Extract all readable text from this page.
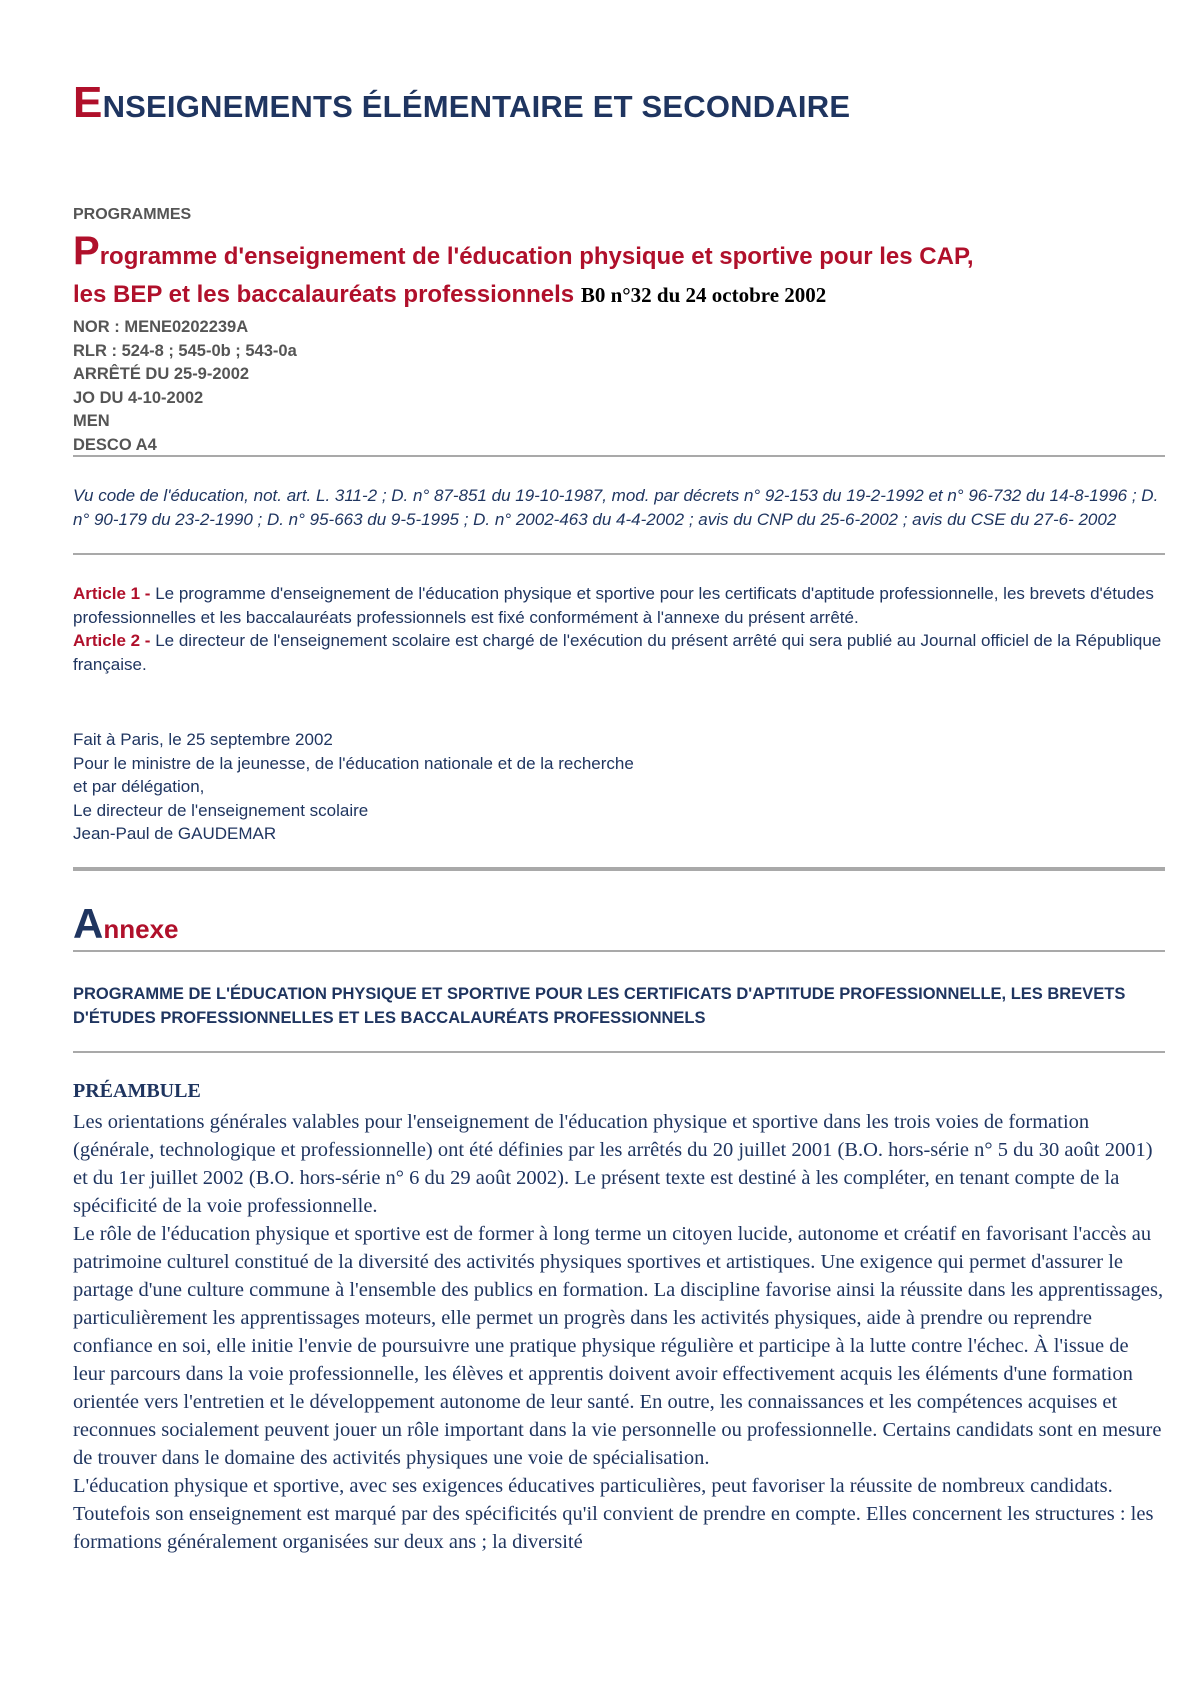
ENSEIGNEMENTS ÉLÉMENTAIRE ET SECONDAIRE
PROGRAMMES
Programme d'enseignement de l'éducation physique et sportive pour les CAP,
les BEP et les baccalauréats professionnels B0 n°32 du 24 octobre 2002
NOR : MENE0202239A
RLR : 524-8 ; 545-0b ; 543-0a
ARRÊTÉ DU 25-9-2002
JO DU 4-10-2002
MEN
DESCO A4
Vu code de l'éducation, not. art. L. 311-2 ; D. n° 87-851 du 19-10-1987, mod. par décrets n° 92-153 du 19-2-1992 et n° 96-732 du 14-8-1996 ; D. n° 90-179 du 23-2-1990 ; D. n° 95-663 du 9-5-1995 ; D. n° 2002-463 du 4-4-2002 ; avis du CNP du 25-6-2002 ; avis du CSE du 27-6- 2002
Article 1 - Le programme d'enseignement de l'éducation physique et sportive pour les certificats d'aptitude professionnelle, les brevets d'études professionnelles et les baccalauréats professionnels est fixé conformément à l'annexe du présent arrêté.
Article 2 - Le directeur de l'enseignement scolaire est chargé de l'exécution du présent arrêté qui sera publié au Journal officiel de la République française.
Fait à Paris, le 25 septembre 2002
Pour le ministre de la jeunesse, de l'éducation nationale et de la recherche
et par délégation,
Le directeur de l'enseignement scolaire
Jean-Paul de GAUDEMAR
Annexe
PROGRAMME DE L'ÉDUCATION PHYSIQUE ET SPORTIVE POUR LES CERTIFICATS D'APTITUDE PROFESSIONNELLE, LES BREVETS D'ÉTUDES PROFESSIONNELLES ET LES BACCALAURÉATS PROFESSIONNELS
PRÉAMBULE

Les orientations générales valables pour l'enseignement de l'éducation physique et sportive dans les trois voies de formation (générale, technologique et professionnelle) ont été définies par les arrêtés du 20 juillet 2001 (B.O. hors-série n° 5 du 30 août 2001) et du 1er juillet 2002 (B.O. hors-série n° 6 du 29 août 2002). Le présent texte est destiné à les compléter, en tenant compte de la spécificité de la voie professionnelle.

Le rôle de l'éducation physique et sportive est de former à long terme un citoyen lucide, autonome et créatif en favorisant l'accès au patrimoine culturel constitué de la diversité des activités physiques sportives et artistiques. Une exigence qui permet d'assurer le partage d'une culture commune à l'ensemble des publics en formation. La discipline favorise ainsi la réussite dans les apprentissages, particulièrement les apprentissages moteurs, elle permet un progrès dans les activités physiques, aide à prendre ou reprendre confiance en soi, elle initie l'envie de poursuivre une pratique physique régulière et participe à la lutte contre l'échec. À l'issue de leur parcours dans la voie professionnelle, les élèves et apprentis doivent avoir effectivement acquis les éléments d'une formation orientée vers l'entretien et le développement autonome de leur santé. En outre, les connaissances et les compétences acquises et reconnues socialement peuvent jouer un rôle important dans la vie personnelle ou professionnelle. Certains candidats sont en mesure de trouver dans le domaine des activités physiques une voie de spécialisation.

L'éducation physique et sportive, avec ses exigences éducatives particulières, peut favoriser la réussite de nombreux candidats. Toutefois son enseignement est marqué par des spécificités qu'il convient de prendre en compte. Elles concernent les structures : les formations généralement organisées sur deux ans ; la diversité
